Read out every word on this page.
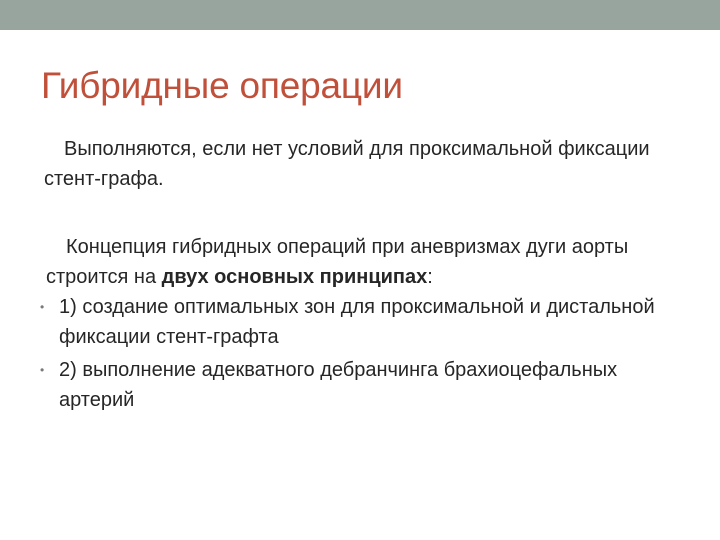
Гибридные операции

Выполняются, если нет условий для проксимальной фиксации стент-графа.

Концепция гибридных операций при аневризмах дуги аорты строится на двух основных принципах:

• 1) создание оптимальных зон для проксимальной и дистальной фиксации стент-графта
• 2) выполнение адекватного дебранчинга брахиоцефальных артерий
